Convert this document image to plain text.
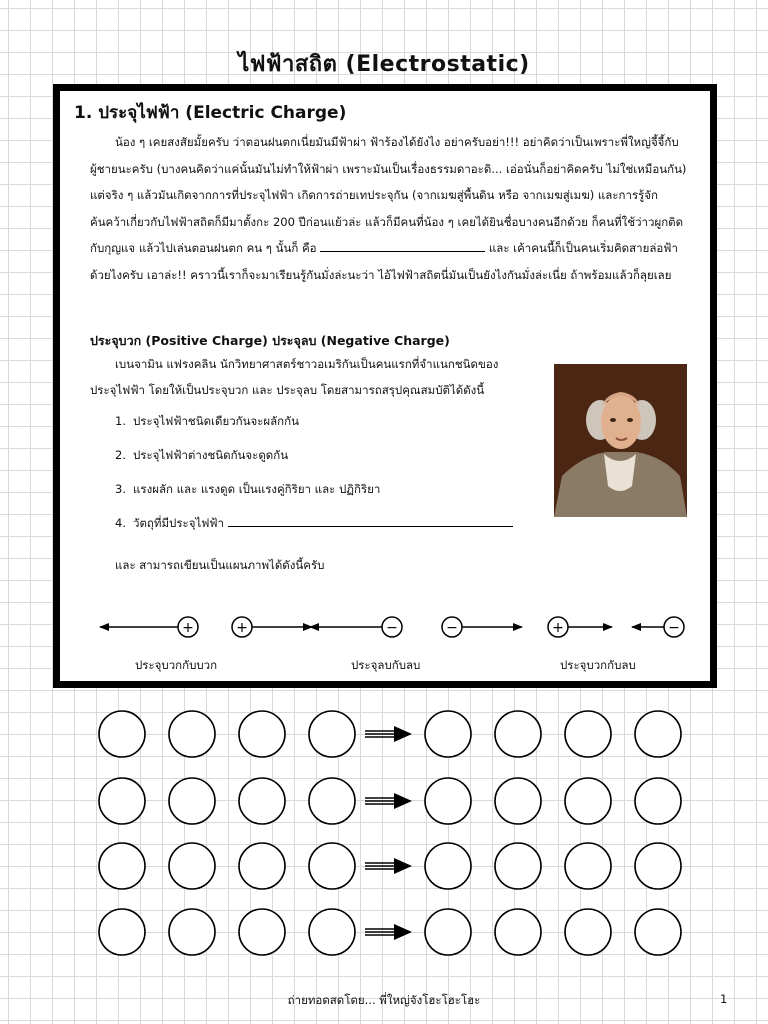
ไฟฟ้าสถิต (Electrostatic)
1. ประจุไฟฟ้า (Electric Charge)

น้อง ๆ เคยสงสัยมั้ยครับ ว่าตอนฝนตกเนี่ยมันมีฟ้าผ่า ฟ้าร้องได้ยังไง อย่าครับอย่า!!! อย่าคิดว่าเป็นเพราะพี่ใหญ่จี้จี้กับผู้ชายนะครับ (บางคนคิดว่าแค่นั้นมันไม่ทำให้ฟ้าผ่า เพราะมันเป็นเรื่องธรรมดาอะดิ... เอ่อนั่นก็อย่าคิดครับ ไม่ใช่เหมือนกัน) แต่จริง ๆ แล้วมันเกิดจากการที่ประจุไฟฟ้า เกิดการถ่ายเทประจุกัน (จากเมฆสู่พื้นดิน หรือ จากเมฆสู่เมฆ) และการรู้จัก ค้นคว้าเกี่ยวกับไฟฟ้าสถิตก็มีมาตั้งกะ 200 ปีก่อนแย้วล่ะ แล้วก็มีคนที่น้อง ๆ เคยได้ยินชื่อบางคนอีกด้วย ก็คนที่ใช้ว่าวผูกติดกับกุญแจ แล้วไปเล่นตอนฝนตก คน ๆ นั้นก็ คือ	และ เค้าคนนี้ก็เป็นคนเริ่มคิดสายล่อฟ้าด้วยไงครับ เอาล่ะ!! คราวนี้เราก็จะมาเรียนรู้กันมั่งล่ะนะว่า ไอ้ไฟฟ้าสถิตนี่มันเป็นยังไงกันมั่งล่ะเนี่ย ถ้าพร้อมแล้วก็ลุยเลย

ประจุบวก (Positive Charge) ประจุลบ (Negative Charge)

เบนจามิน แฟรงคลิน นักวิทยาศาสตร์ชาวอเมริกันเป็นคนแรกที่จำแนกชนิดของประจุไฟฟ้า โดยให้เป็นประจุบวก และ ประจุลบ โดยสามารถสรุปคุณสมบัติได้ดังนี้

1. ประจุไฟฟ้าชนิดเดียวกันจะผลักกัน
2. ประจุไฟฟ้าต่างชนิดกันจะดูดกัน
3. แรงผลัก และ แรงดูด เป็นแรงคู่กิริยา และ ปฏิกิริยา
4. วัตถุที่มีประจุไฟฟ้า

และ สามารถเขียนเป็นแผนภาพได้ดังนี้ครับ

+	+	−	−	+	−

ประจุบวกกับบวก	ประจุลบกับลบ	ประจุบวกกับลบ

ถ่ายทอดสดโดย... พี่ใหญ่จังโฮะโฮะโฮะ	1
